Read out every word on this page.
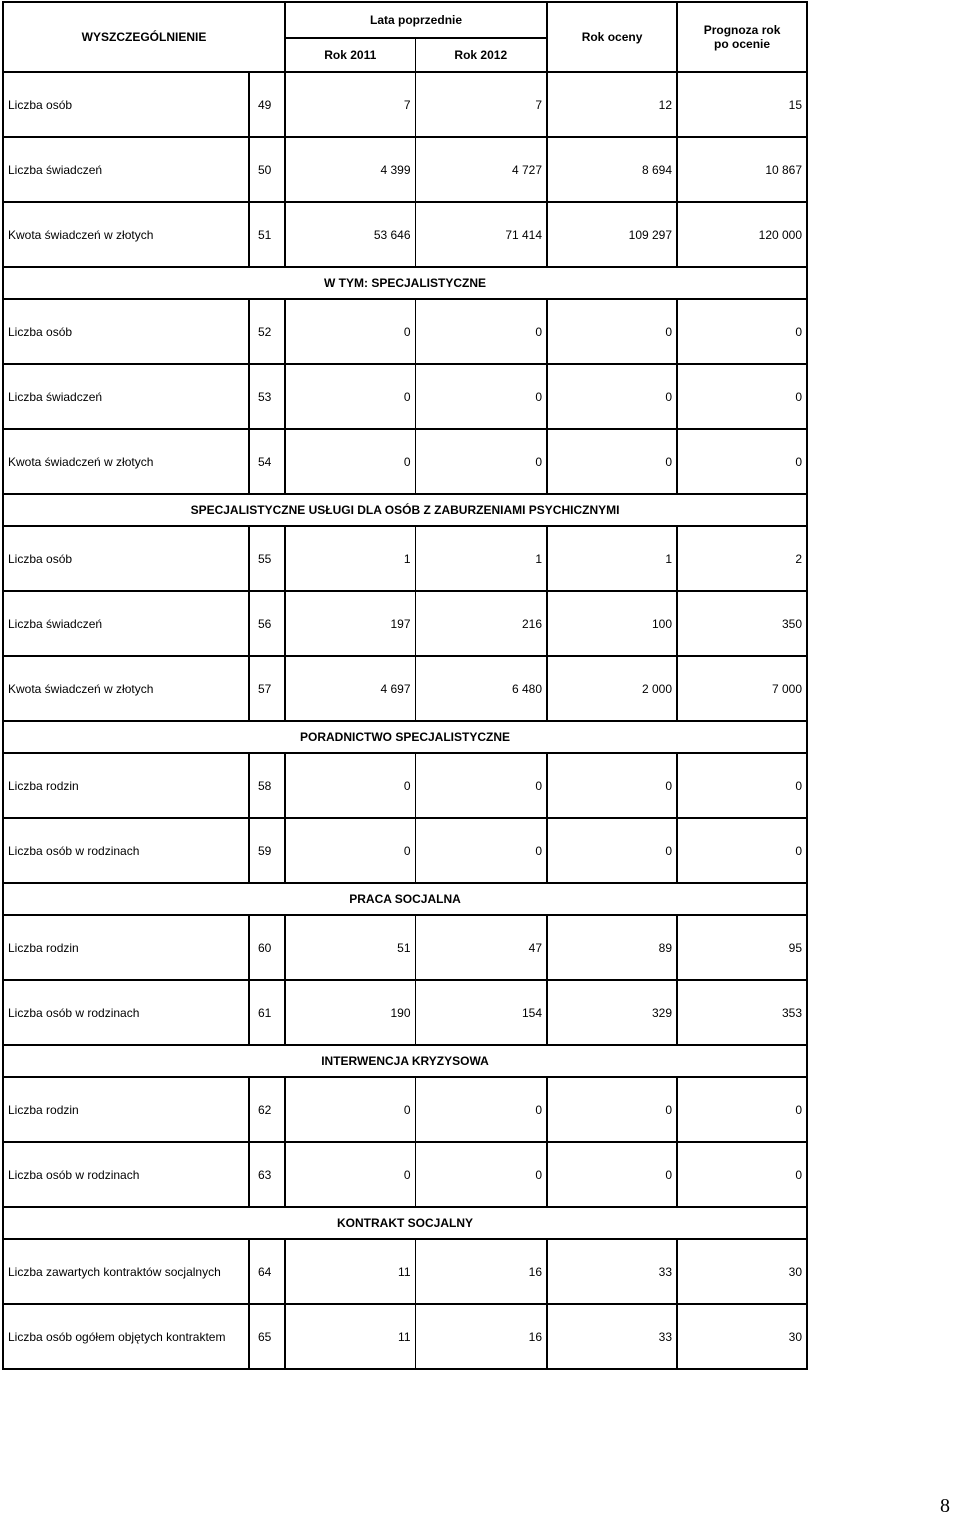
WYSZCZEGÓLNIENIE		Lata poprzednie		Rok oceny	Prognoza rok
po ocenie
		Rok 2011	Rok 2012		
Liczba osób	49	7	7	12	15
Liczba świadczeń	50	4 399	4 727	8 694	10 867
Kwota świadczeń w złotych	51	53 646	71 414	109 297	120 000
W TYM: SPECJALISTYCZNE					
Liczba osób	52	0	0	0	0
Liczba świadczeń	53	0	0	0	0
Kwota świadczeń w złotych	54	0	0	0	0
SPECJALISTYCZNE USŁUGI DLA OSÓB Z ZABURZENIAMI PSYCHICZNYMI					
Liczba osób	55	1	1	1	2
Liczba świadczeń	56	197	216	100	350
Kwota świadczeń w złotych	57	4 697	6 480	2 000	7 000
PORADNICTWO SPECJALISTYCZNE					
Liczba rodzin	58	0	0	0	0
Liczba osób w rodzinach	59	0	0	0	0
PRACA SOCJALNA					
Liczba rodzin	60	51	47	89	95
Liczba osób w rodzinach	61	190	154	329	353
INTERWENCJA KRYZYSOWA					
Liczba rodzin	62	0	0	0	0
Liczba osób w rodzinach	63	0	0	0	0
KONTRAKT SOCJALNY					
Liczba zawartych kontraktów socjalnych	64	11	16	33	30
Liczba osób ogółem objętych kontraktem	65	11	16	33	30
8
